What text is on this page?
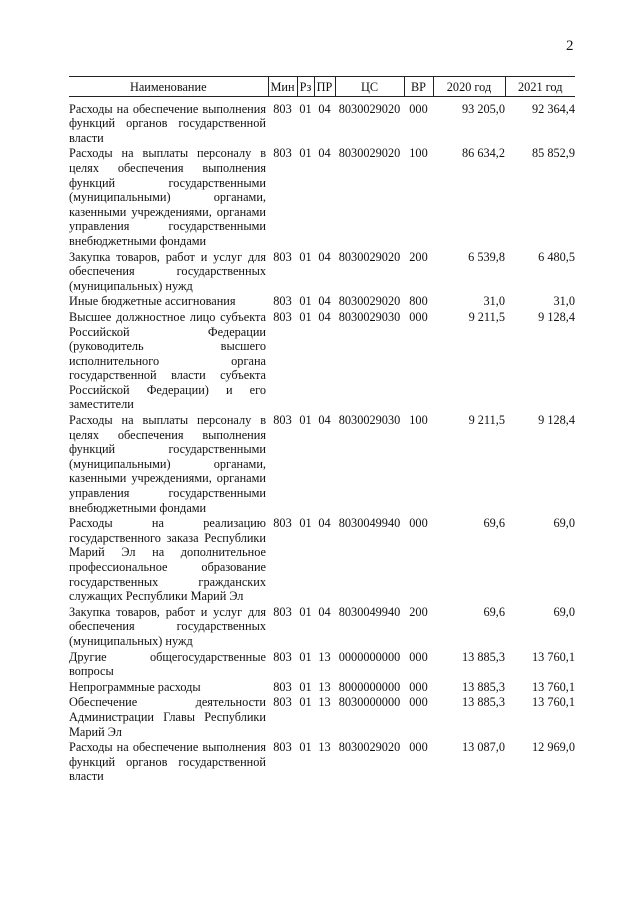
2
Наименование	Мин	Рз	ПР	ЦС	ВР	2020 год	2021 год
Расходы на обеспечение выполнения функций органов государственной власти	803	01	04	8030029020	000	93 205,0	92 364,4
Расходы на выплаты персоналу в целях обеспечения выполнения функций государственными (муниципальными) органами, казенными учреждениями, органами управления государственными внебюджетными фондами	803	01	04	8030029020	100	86 634,2	85 852,9
Закупка товаров, работ и услуг для обеспечения государственных (муниципальных) нужд	803	01	04	8030029020	200	6 539,8	6 480,5
Иные бюджетные ассигнования	803	01	04	8030029020	800	31,0	31,0
Высшее должностное лицо субъекта Российской Федерации (руководитель высшего исполнительного органа государственной власти субъекта Российской Федерации) и его заместители	803	01	04	8030029030	000	9 211,5	9 128,4
Расходы на выплаты персоналу в целях обеспечения выполнения функций государственными (муниципальными) органами, казенными учреждениями, органами управления государственными внебюджетными фондами	803	01	04	8030029030	100	9 211,5	9 128,4
Расходы на реализацию государственного заказа Республики Марий Эл на дополнительное профессиональное образование государственных гражданских служащих Республики Марий Эл	803	01	04	8030049940	000	69,6	69,0
Закупка товаров, работ и услуг для обеспечения государственных (муниципальных) нужд	803	01	04	8030049940	200	69,6	69,0
Другие общегосударственные вопросы	803	01	13	0000000000	000	13 885,3	13 760,1
Непрограммные расходы	803	01	13	8000000000	000	13 885,3	13 760,1
Обеспечение деятельности Администрации Главы Республики Марий Эл	803	01	13	8030000000	000	13 885,3	13 760,1
Расходы на обеспечение выполнения функций органов государственной власти	803	01	13	8030029020	000	13 087,0	12 969,0
